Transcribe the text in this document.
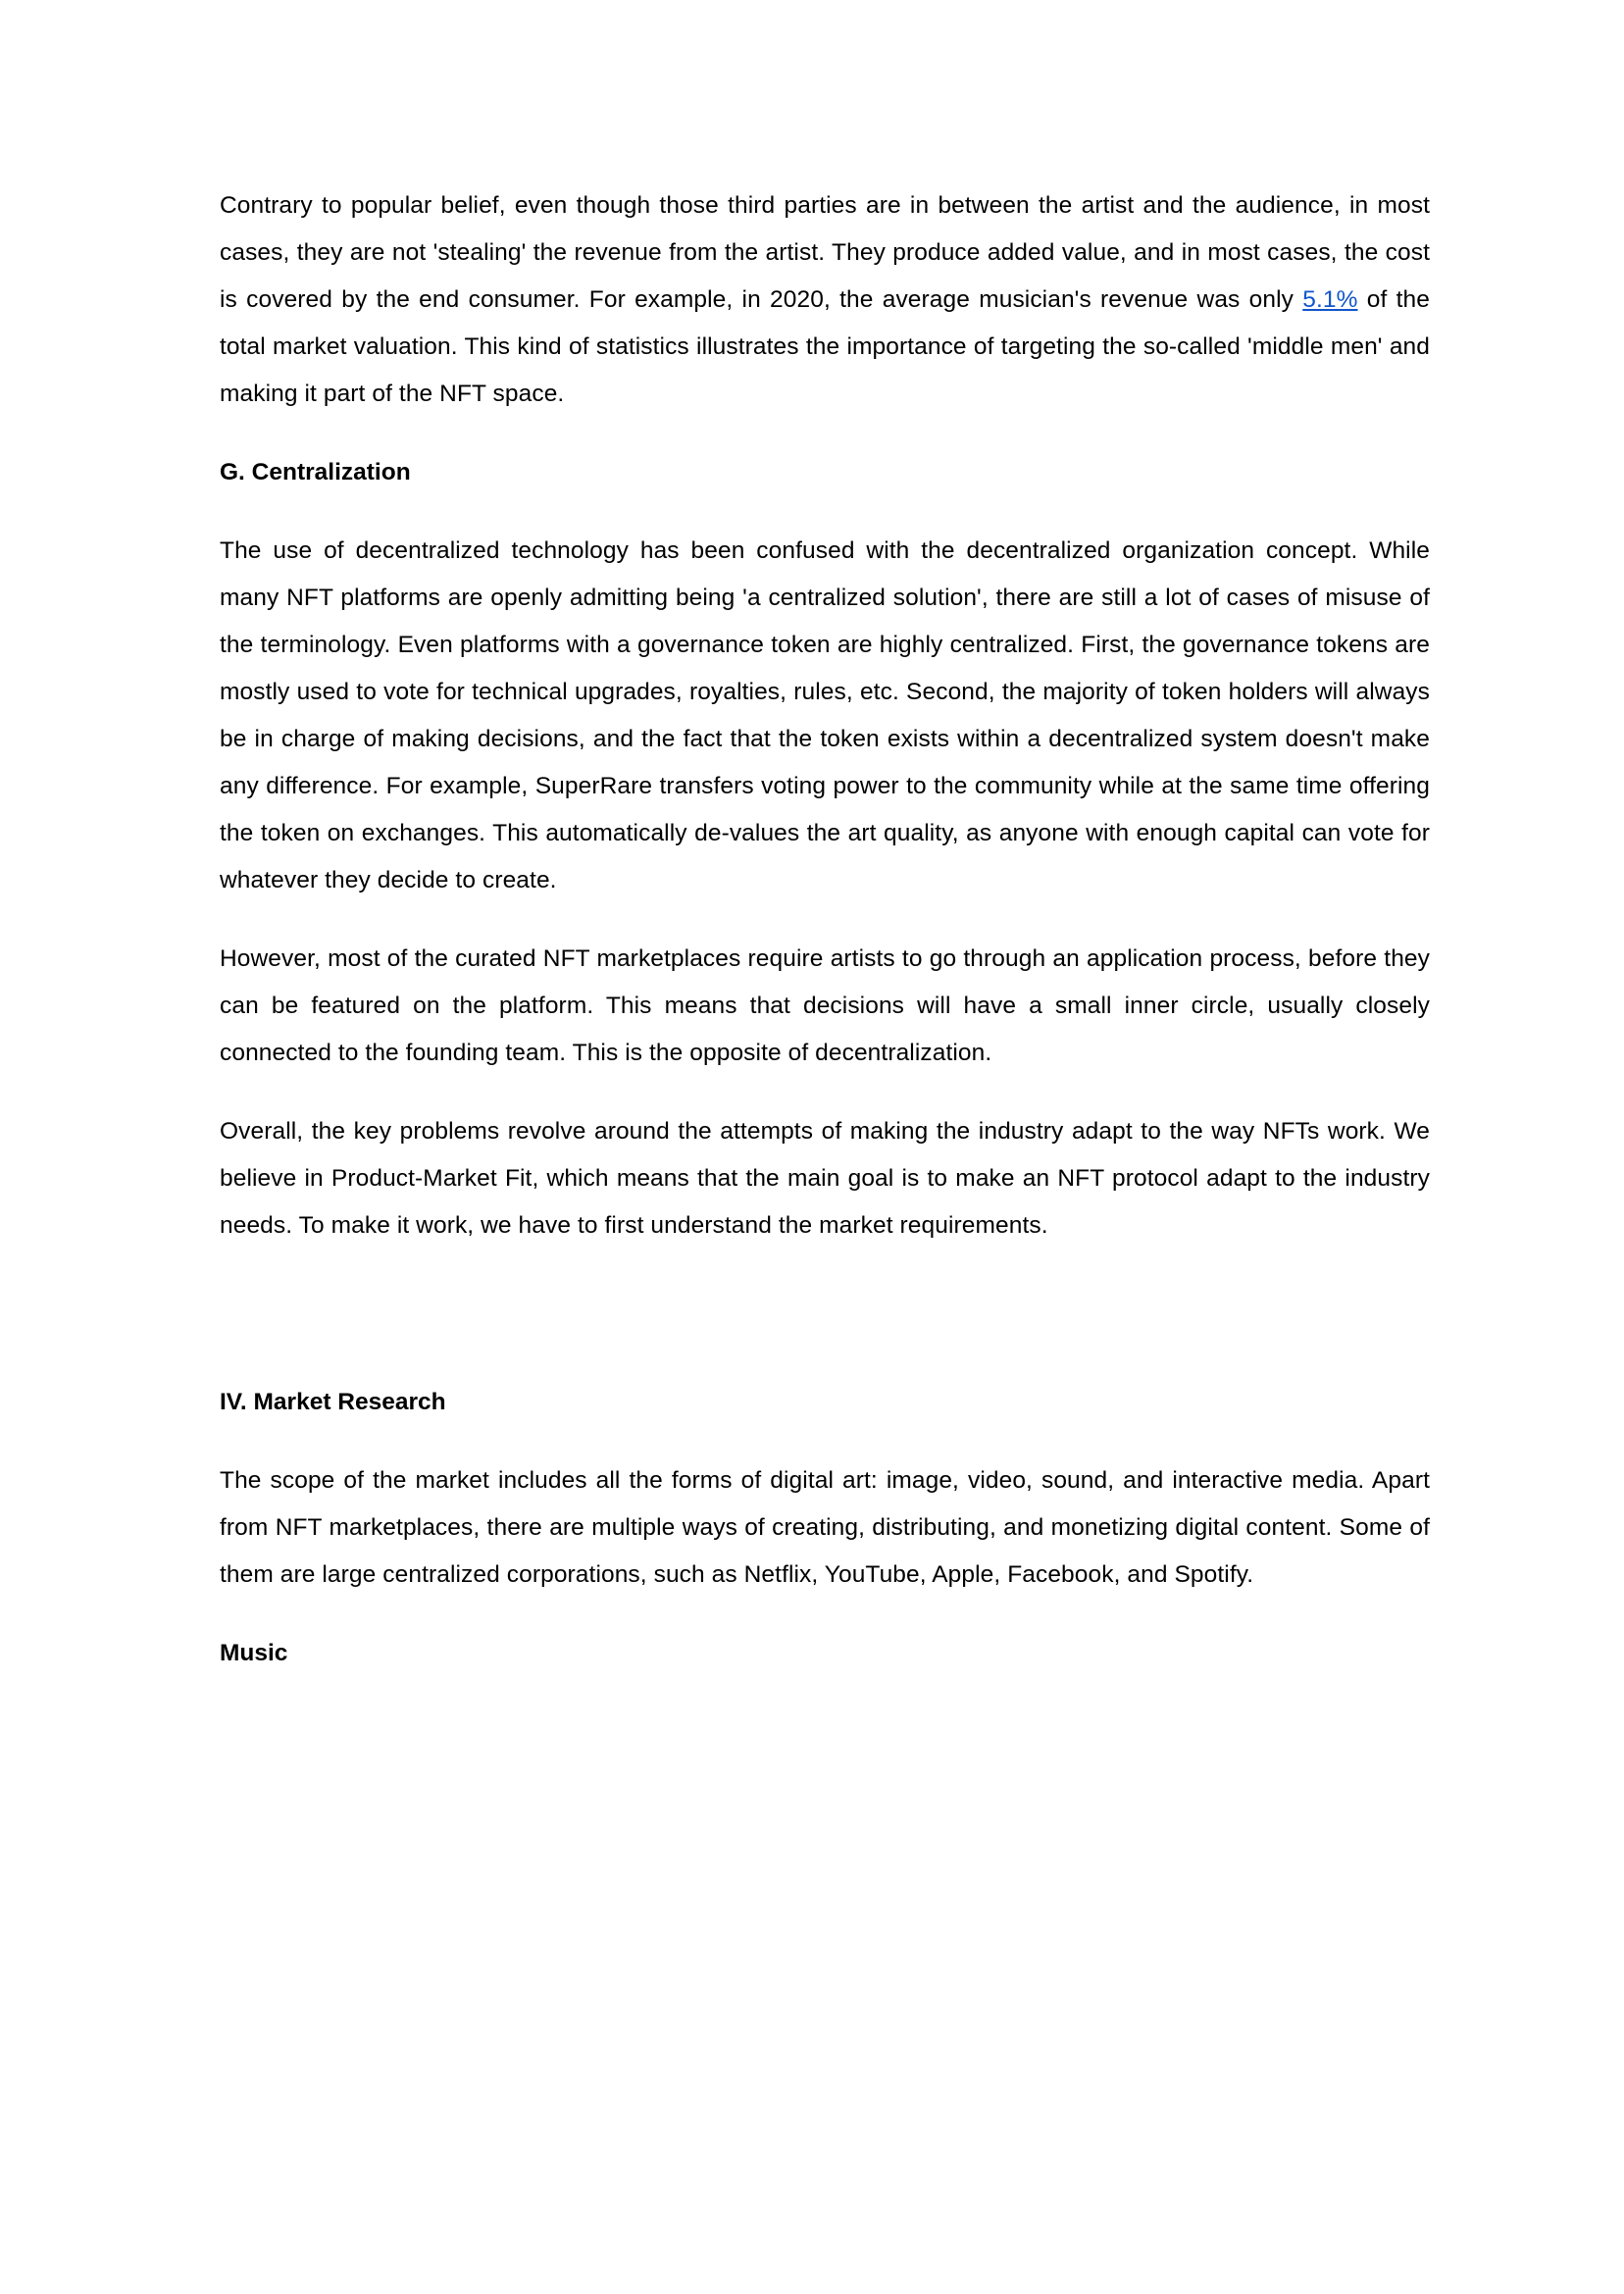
Contrary to popular belief, even though those third parties are in between the artist and the audience, in most cases, they are not 'stealing' the revenue from the artist. They produce added value, and in most cases, the cost is covered by the end consumer. For example, in 2020, the average musician's revenue was only 5.1% of the total market valuation. This kind of statistics illustrates the importance of targeting the so-called 'middle men' and making it part of the NFT space.

G. Centralization

The use of decentralized technology has been confused with the decentralized organization concept. While many NFT platforms are openly admitting being 'a centralized solution', there are still a lot of cases of misuse of the terminology. Even platforms with a governance token are highly centralized. First, the governance tokens are mostly used to vote for technical upgrades, royalties, rules, etc. Second, the majority of token holders will always be in charge of making decisions, and the fact that the token exists within a decentralized system doesn't make any difference. For example, SuperRare transfers voting power to the community while at the same time offering the token on exchanges. This automatically de-values the art quality, as anyone with enough capital can vote for whatever they decide to create.

However, most of the curated NFT marketplaces require artists to go through an application process, before they can be featured on the platform. This means that decisions will have a small inner circle, usually closely connected to the founding team. This is the opposite of decentralization.

Overall, the key problems revolve around the attempts of making the industry adapt to the way NFTs work. We believe in Product-Market Fit, which means that the main goal is to make an NFT protocol adapt to the industry needs. To make it work, we have to first understand the market requirements.

IV. Market Research

The scope of the market includes all the forms of digital art: image, video, sound, and interactive media. Apart from NFT marketplaces, there are multiple ways of creating, distributing, and monetizing digital content. Some of them are large centralized corporations, such as Netflix, YouTube, Apple, Facebook, and Spotify.

Music
